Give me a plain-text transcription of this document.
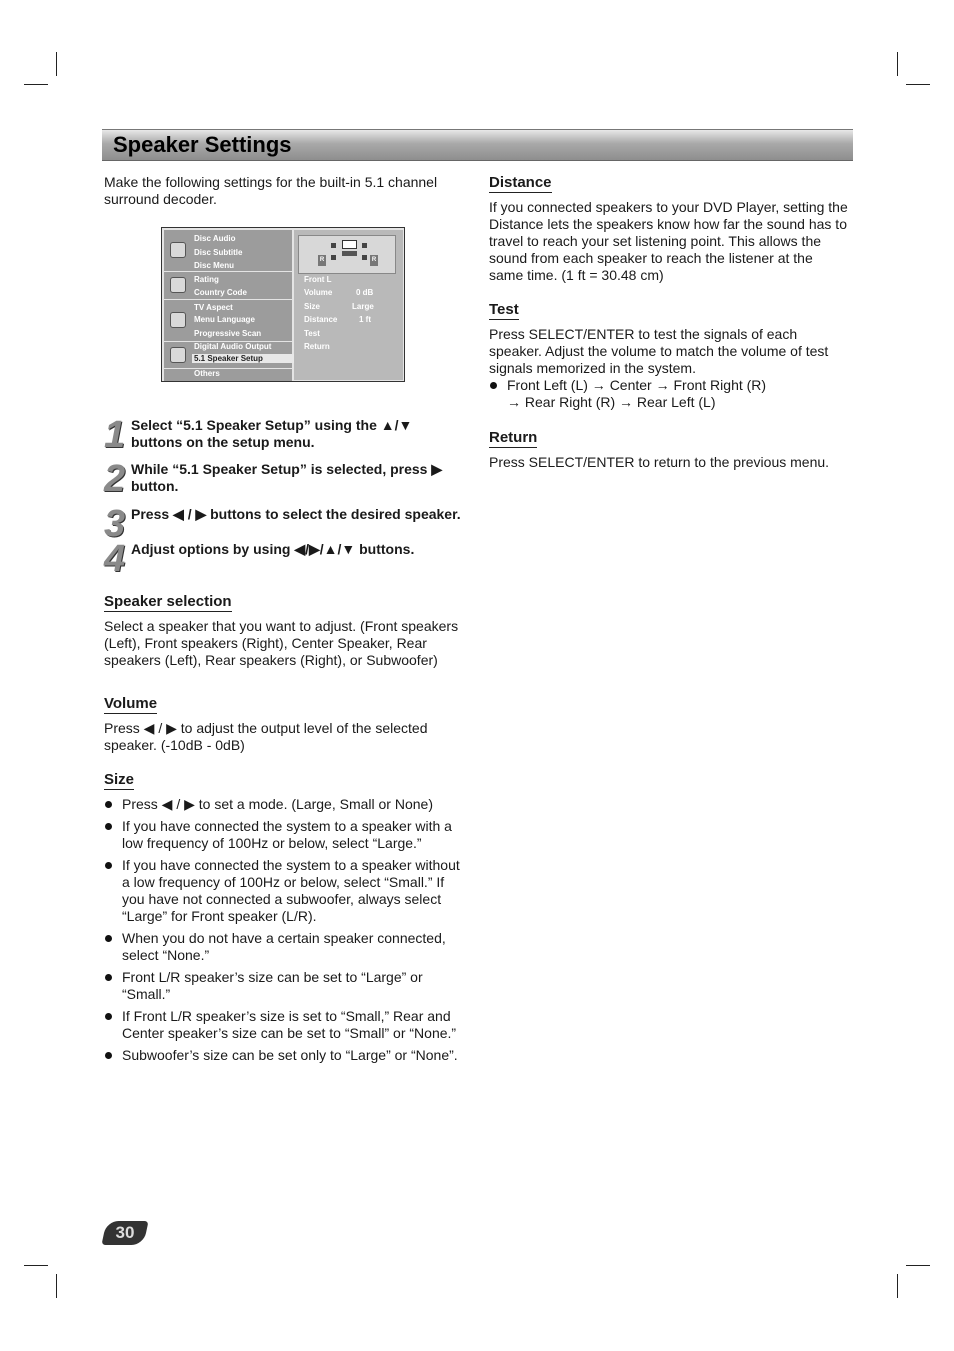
Speaker Settings

Make the following settings for the built-in 5.1 channel surround decoder.

Disc Audio
Disc Subtitle
Disc Menu
Rating
Country Code
TV Aspect
Menu Language
Progressive Scan
Digital Audio Output
5.1 Speaker Setup
Others
R	R
Front L
Volume	0 dB
Size	Large
Distance	1 ft
Test
Return
1 Select “5.1 Speaker Setup” using the ▲/▼ buttons on the setup menu.
2 While “5.1 Speaker Setup” is selected, press ▶ button.
3 Press ◀ / ▶ buttons to select the desired speaker.
4 Adjust options by using ◀/▶/▲/▼ buttons.
Speaker selection

Select a speaker that you want to adjust. (Front speakers (Left), Front speakers (Right), Center Speaker, Rear speakers (Left), Rear speakers (Right), or Subwoofer)

Volume

Press ◀ / ▶ to adjust the output level of the selected speaker. (-10dB - 0dB)

Size
Press ◀ / ▶ to set a mode. (Large, Small or None)
If you have connected the system to a speaker with a low frequency of 100Hz or below, select “Large.”
If you have connected the system to a speaker without a low frequency of 100Hz or below, select “Small.” If you have not connected a subwoofer, always select “Large” for Front speaker (L/R).
When you do not have a certain speaker connected, select “None.”
Front L/R speaker’s size can be set to “Large” or “Small.”
If Front L/R speaker’s size is set to “Small,” Rear and Center speaker’s size can be set to “Small” or “None.”
Subwoofer’s size can be set only to “Large” or “None”.
Distance

If you connected speakers to your DVD Player, setting the Distance lets the speakers know how far the sound has to travel to reach your set listening point. This allows the sound from each speaker to reach the listener at the same time. (1 ft = 30.48 cm)

Test

Press SELECT/ENTER to test the signals of each speaker. Adjust the volume to match the volume of test signals memorized in the system.

Front Left (L) → Center → Front Right (R)
→ Rear Right (R) → Rear Left (L)
Return

Press SELECT/ENTER to return to the previous menu.

30
